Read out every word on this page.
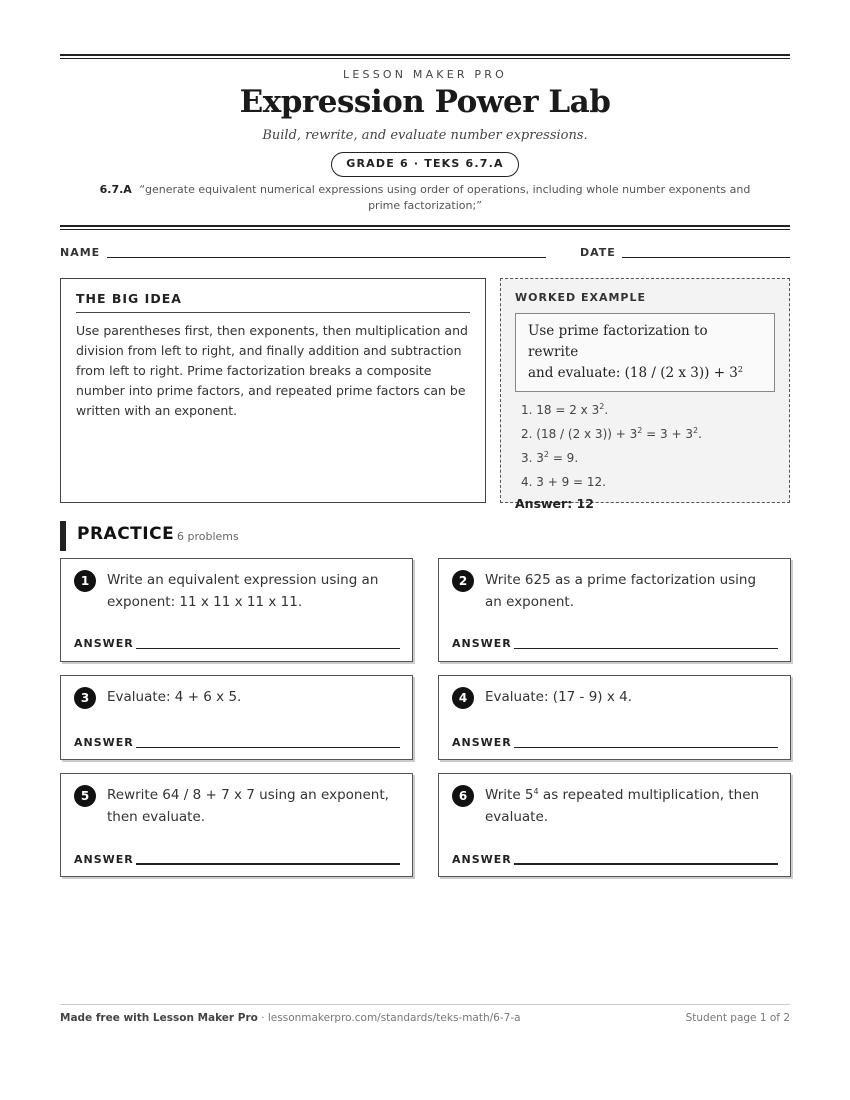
LESSON MAKER PRO
Expression Power Lab
Build, rewrite, and evaluate number expressions.
GRADE 6 · TEKS 6.7.A
6.7.A “generate equivalent numerical expressions using order of operations, including whole number exponents and prime factorization;”
NAME	DATE
THE BIG IDEA

Use parentheses first, then exponents, then multiplication and division from left to right, and finally addition and subtraction from left to right. Prime factorization breaks a composite number into prime factors, and repeated prime factors can be written with an exponent.

WORKED EXAMPLE
Use prime factorization to rewrite
and evaluate: (18 / (2 x $3)) + 3^2$
1. 18 = 2 x $3^2$.
2. (18 / (2 x $3)) + 3^2 = 3 + 3^2$.
3. $3^2 = 9$.
4. 3 + 9 = 12.
Answer: 12
PRACTICE 6 problems
1	Write an equivalent expression using an exponent: 11 x 11 x 11 x 11.
ANSWER
2	Write 625 as a prime factorization using an exponent.
ANSWER
3	Evaluate: 4 + 6 x 5.
ANSWER
4	Evaluate: (17 - 9) x 4.
ANSWER
5	Rewrite 64 / 8 + 7 x 7 using an exponent, then evaluate.
ANSWER
6	Write $5^4$ as repeated multiplication, then evaluate.
ANSWER
Made free with Lesson Maker Pro · lessonmakerpro.com/standards/teks-math/6-7-a	Student page 1 of 2
